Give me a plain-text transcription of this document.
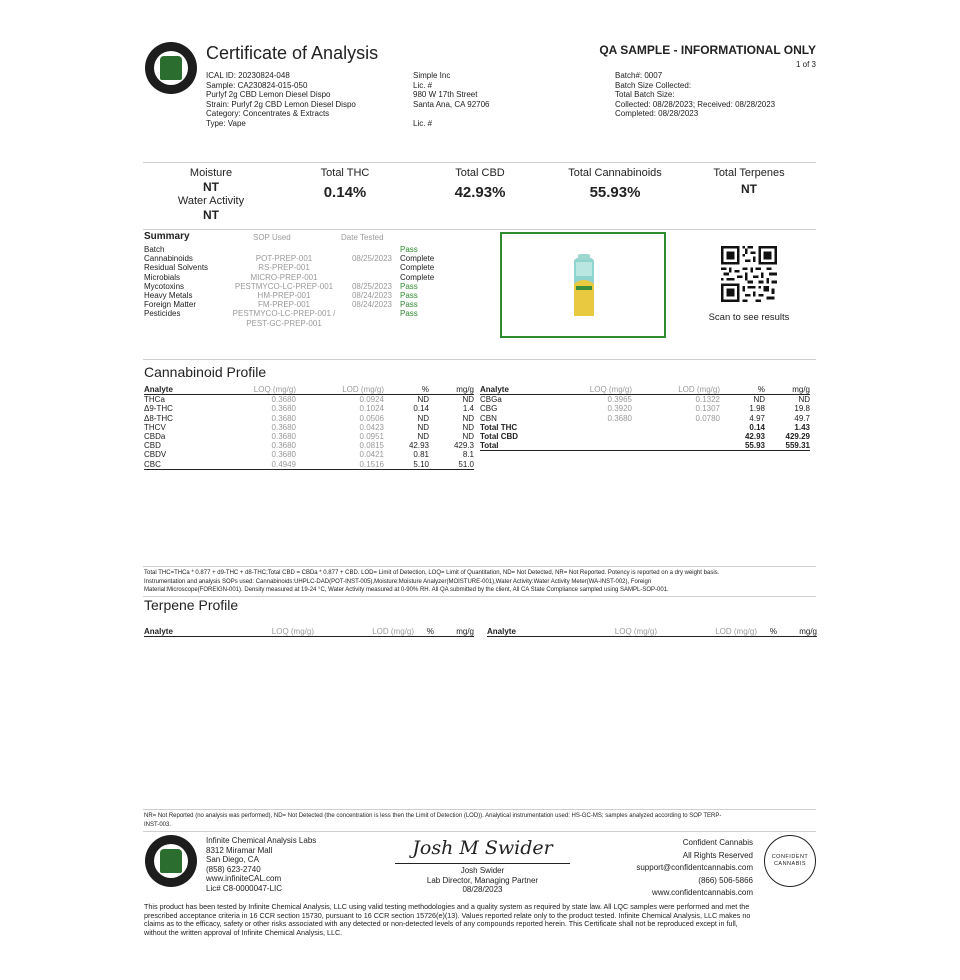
Certificate of Analysis	QA SAMPLE - INFORMATIONAL ONLY
1 of 3
ICAL ID: 20230824-048
Sample: CA230824-015-050
Purlyf 2g CBD Lemon Diesel Dispo
Strain: Purlyf 2g CBD Lemon Diesel Dispo
Category: Concentrates & Extracts
Type: Vape
Simple Inc
Lic. #
980 W 17th Street
Santa Ana, CA 92706
Lic. #
Batch#: 0007
Batch Size Collected:
Total Batch Size:
Collected: 08/28/2023; Received: 08/28/2023
Completed: 08/28/2023
Moisture
NT
Water Activity
NT
Total THC
0.14%
Total CBD
42.93%
Total Cannabinoids
55.93%
Total Terpenes
NT
Summary	SOP Used	Date Tested
Batch			Pass
Cannabinoids	POT-PREP-001	08/25/2023	Complete
Residual Solvents	RS-PREP-001		Complete
Microbials	MICRO-PREP-001		Complete
Mycotoxins	PESTMYCO-LC-PREP-001	08/25/2023	Pass
Heavy Metals	HM-PREP-001	08/24/2023	Pass
Foreign Matter	FM-PREP-001	08/24/2023	Pass
Pesticides	PESTMYCO-LC-PREP-001 /		Pass
	PEST-GC-PREP-001		
Scan to see results
Cannabinoid Profile
Analyte	LOQ (mg/g)	LOD (mg/g)	%	mg/g
THCa	0.3680	0.0924	ND	ND
Δ9-THC	0.3680	0.1024	0.14	1.4
Δ8-THC	0.3680	0.0506	ND	ND
THCV	0.3680	0.0423	ND	ND
CBDa	0.3680	0.0951	ND	ND
CBD	0.3680	0.0815	42.93	429.3
CBDV	0.3680	0.0421	0.81	8.1
CBC	0.4949	0.1516	5.10	51.0
Analyte	LOQ (mg/g)	LOD (mg/g)	%	mg/g
CBGa	0.3965	0.1322	ND	ND
CBG	0.3920	0.1307	1.98	19.8
CBN	0.3680	0.0780	4.97	49.7
Total THC			0.14	1.43
Total CBD			42.93	429.29
Total			55.93	559.31
Total THC=THCa * 0.877 + d9-THC + d8-THC;Total CBD = CBDa * 0.877 + CBD. LOD= Limit of Detection, LOQ= Limit of Quantitation, ND= Not Detected, NR= Not Reported. Potency is reported on a dry weight basis.
Instrumentation and analysis SOPs used: Cannabinoids:UHPLC-DAD(POT-INST-005),Moisture:Moisture Analyzer(MOISTURE-001),Water Activity:Water Activity Meter(WA-INST-002), Foreign
Material:Microscope(FOREIGN-001). Density measured at 19-24 °C, Water Activity measured at 0-90% RH. All QA submitted by the client, All CA State Compliance sampled using SAMPL-SOP-001.
Terpene Profile
Analyte	LOQ (mg/g)	LOD (mg/g)	%	mg/g Analyte	LOQ (mg/g)	LOD (mg/g)	%	mg/g
NR= Not Reported (no analysis was performed), ND= Not Detected (the concentration is less then the Limit of Detection (LOD)). Analytical instrumentation used: HS-GC-MS; samples analyzed according to SOP TERP-
INST-003.
Infinite Chemical Analysis Labs
8312 Miramar Mall
San Diego, CA
(858) 623-2740
www.infiniteCAL.com
Lic# C8-0000047-LIC
Josh M Swider
Josh Swider
Lab Director, Managing Partner
08/28/2023
Confident Cannabis
All Rights Reserved
support@confidentcannabis.com
(866) 506-5866
www.confidentcannabis.com
CONFIDENT CANNABIS
This product has been tested by Infinite Chemical Analysis, LLC using valid testing methodologies and a quality system as required by state law. All LQC samples were performed and met the
prescribed acceptance criteria in 16 CCR section 15730, pursuant to 16 CCR section 15726(e)(13). Values reported relate only to the product tested. Infinite Chemical Analysis, LLC makes no
claims as to the efficacy, safety or other risks associated with any detected or non-detected levels of any compounds reported herein. This Certificate shall not be reproduced except in full,
without the written approval of Infinite Chemical Analysis, LLC.
